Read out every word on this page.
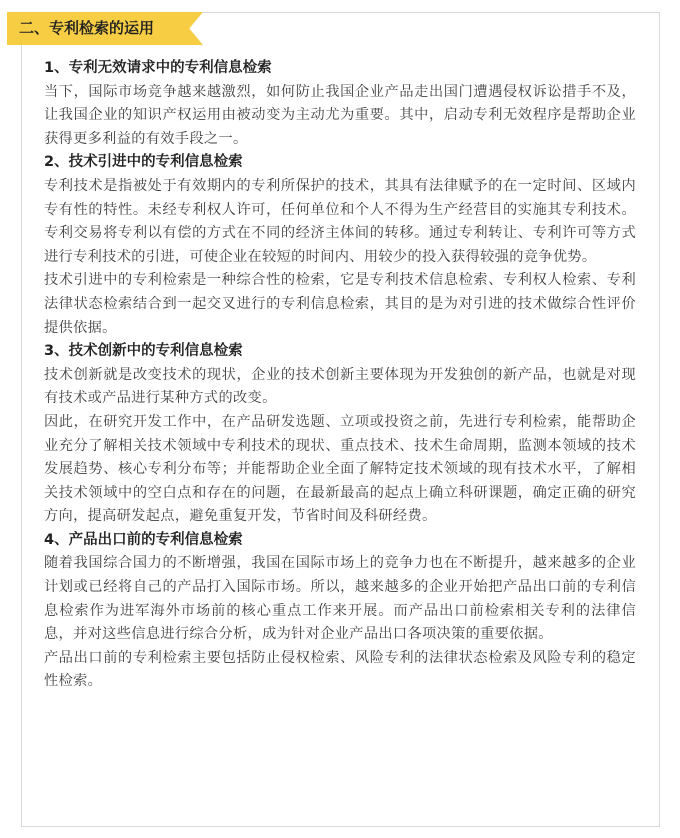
二、专利检索的运用
1、专利无效请求中的专利信息检索

当下，国际市场竞争越来越激烈，如何防止我国企业产品走出国门遭遇侵权诉讼措手不及，让我国企业的知识产权运用由被动变为主动尤为重要。其中，启动专利无效程序是帮助企业获得更多利益的有效手段之一。

2、技术引进中的专利信息检索

专利技术是指被处于有效期内的专利所保护的技术，其具有法律赋予的在一定时间、区域内专有性的特性。未经专利权人许可，任何单位和个人不得为生产经营目的实施其专利技术。专利交易将专利以有偿的方式在不同的经济主体间的转移。通过专利转让、专利许可等方式进行专利技术的引进，可使企业在较短的时间内、用较少的投入获得较强的竞争优势。

技术引进中的专利检索是一种综合性的检索，它是专利技术信息检索、专利权人检索、专利法律状态检索结合到一起交叉进行的专利信息检索，其目的是为对引进的技术做综合性评价提供依据。

3、技术创新中的专利信息检索

技术创新就是改变技术的现状，企业的技术创新主要体现为开发独创的新产品，也就是对现有技术或产品进行某种方式的改变。

因此，在研究开发工作中，在产品研发选题、立项或投资之前，先进行专利检索，能帮助企业充分了解相关技术领域中专利技术的现状、重点技术、技术生命周期，监测本领域的技术发展趋势、核心专利分布等；并能帮助企业全面了解特定技术领域的现有技术水平，了解相关技术领域中的空白点和存在的问题，在最新最高的起点上确立科研课题，确定正确的研究方向，提高研发起点，避免重复开发，节省时间及科研经费。

4、产品出口前的专利信息检索

随着我国综合国力的不断增强，我国在国际市场上的竞争力也在不断提升，越来越多的企业计划或已经将自己的产品打入国际市场。所以，越来越多的企业开始把产品出口前的专利信息检索作为进军海外市场前的核心重点工作来开展。而产品出口前检索相关专利的法律信息，并对这些信息进行综合分析，成为针对企业产品出口各项决策的重要依据。

产品出口前的专利检索主要包括防止侵权检索、风险专利的法律状态检索及风险专利的稳定性检索。
